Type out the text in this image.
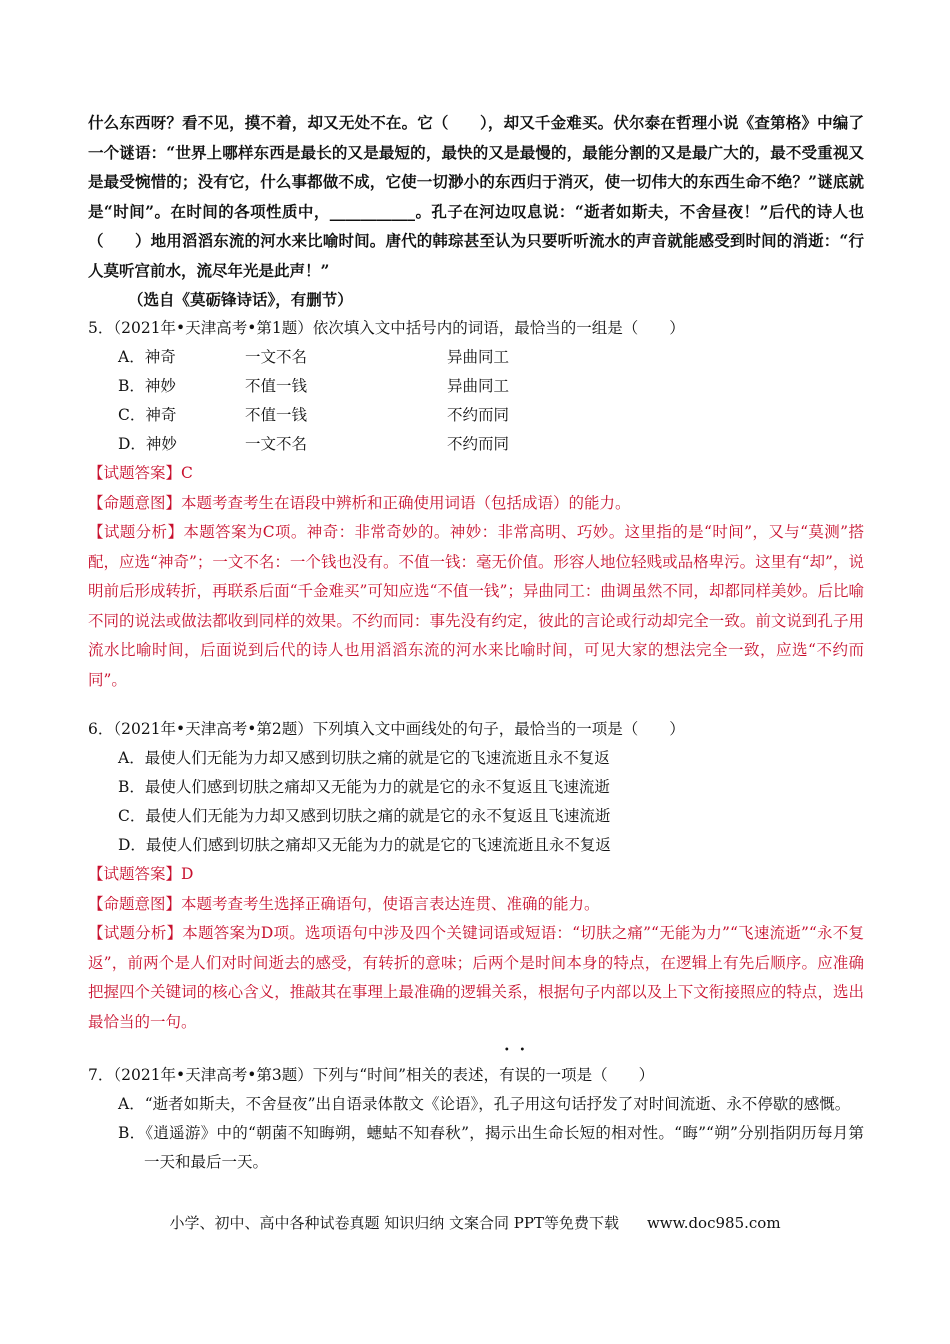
什么东西呀？看不见，摸不着，却又无处不在。它（　　），却又千金难买。伏尔泰在哲理小说《查第格》中编了一个谜语：“世界上哪样东西是最长的又是最短的，最快的又是最慢的，最能分割的又是最广大的，最不受重视又是最受惋惜的；没有它，什么事都做不成，它使一切渺小的东西归于消灭，使一切伟大的东西生命不绝？”谜底就是“时间”。在时间的各项性质中，___________。孔子在河边叹息说：“逝者如斯夫，不舍昼夜！”后代的诗人也（　　）地用滔滔东流的河水来比喻时间。唐代的韩琮甚至认为只要听听流水的声音就能感受到时间的消逝：“行人莫听宫前水，流尽年光是此声！”

（选自《莫砺锋诗话》，有删节）

5．（2021年•天津高考•第1题）依次填入文中括号内的词语，最恰当的一组是（　　）

A．神奇	一文不名	异曲同工
B．神妙	不值一钱	异曲同工
C．神奇	不值一钱	不约而同
D．神妙	一文不名	不约而同

【试题答案】C

【命题意图】本题考查考生在语段中辨析和正确使用词语（包括成语）的能力。

【试题分析】本题答案为C项。神奇：非常奇妙的。神妙：非常高明、巧妙。这里指的是“时间”，又与“莫测”搭配，应选“神奇”；一文不名：一个钱也没有。不值一钱：毫无价值。形容人地位轻贱或品格卑污。这里有“却”，说明前后形成转折，再联系后面“千金难买”可知应选“不值一钱”；异曲同工：曲调虽然不同，却都同样美妙。后比喻不同的说法或做法都收到同样的效果。不约而同：事先没有约定，彼此的言论或行动却完全一致。前文说到孔子用流水比喻时间，后面说到后代的诗人也用滔滔东流的河水来比喻时间，可见大家的想法完全一致，应选“不约而同”。

6．（2021年•天津高考•第2题）下列填入文中画线处的句子，最恰当的一项是（　　）

A．最使人们无能为力却又感到切肤之痛的就是它的飞速流逝且永不复返

B．最使人们感到切肤之痛却又无能为力的就是它的永不复返且飞速流逝

C．最使人们无能为力却又感到切肤之痛的就是它的永不复返且飞速流逝

D．最使人们感到切肤之痛却又无能为力的就是它的飞速流逝且永不复返

【试题答案】D

【命题意图】本题考查考生选择正确语句，使语言表达连贯、准确的能力。

【试题分析】本题答案为D项。选项语句中涉及四个关键词语或短语：“切肤之痛”“无能为力”“飞速流逝”“永不复返”，前两个是人们对时间逝去的感受，有转折的意味；后两个是时间本身的特点，在逻辑上有先后顺序。应准确把握四个关键词的核心含义，推敲其在事理上最准确的逻辑关系，根据句子内部以及上下文衔接照应的特点，选出最恰当的一句。

7．（2021年•天津高考•第3题）下列与“时间”相关的表述，有误的一项是（　　）

A．“逝者如斯夫，不舍昼夜”出自语录体散文《论语》，孔子用这句话抒发了对时间流逝、永不停歇的感慨。

B．《逍遥游》中的“朝菌不知晦朔，蟪蛄不知春秋”，揭示出生命长短的相对性。“晦”“朔”分别指阴历每月第一天和最后一天。

小学、初中、高中各种试卷真题 知识归纳 文案合同 PPT等免费下载 www.doc985.com
